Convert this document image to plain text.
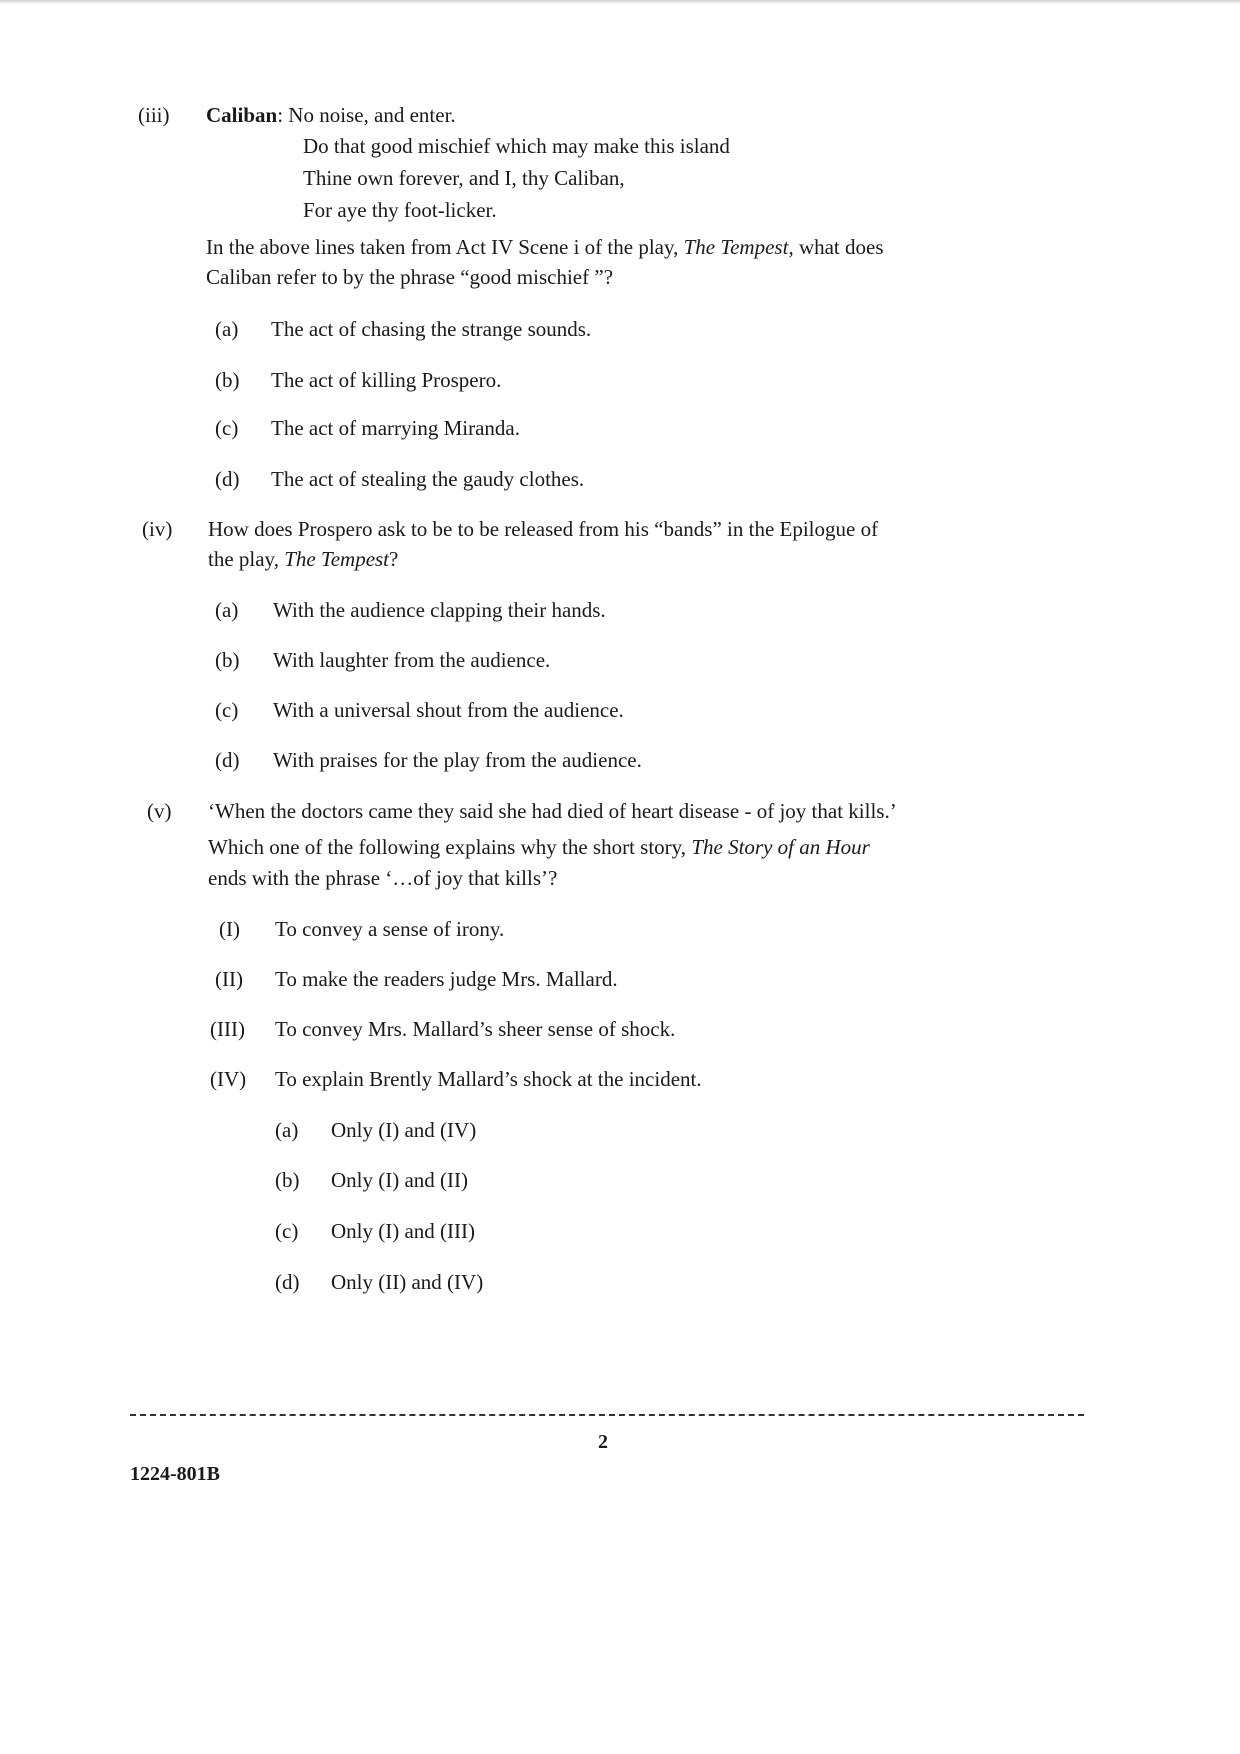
(iii) Caliban: No noise, and enter.
Do that good mischief which may make this island
Thine own forever, and I, thy Caliban,
For aye thy foot-licker.
In the above lines taken from Act IV Scene i of the play, The Tempest, what does
Caliban refer to by the phrase “good mischief ”?
(a) The act of chasing the strange sounds.
(b) The act of killing Prospero.
(c) The act of marrying Miranda.
(d) The act of stealing the gaudy clothes.
(iv) How does Prospero ask to be to be released from his “bands” in the Epilogue of
the play, The Tempest?
(a) With the audience clapping their hands.
(b) With laughter from the audience.
(c) With a universal shout from the audience.
(d) With praises for the play from the audience.
(v) ‘When the doctors came they said she had died of heart disease - of joy that kills.’
Which one of the following explains why the short story, The Story of an Hour
ends with the phrase ‘…of joy that kills’?
(I) To convey a sense of irony.
(II) To make the readers judge Mrs. Mallard.
(III) To convey Mrs. Mallard’s sheer sense of shock.
(IV) To explain Brently Mallard’s shock at the incident.
(a) Only (I) and (IV)
(b) Only (I) and (II)
(c) Only (I) and (III)
(d) Only (II) and (IV)
2
1224-801B
